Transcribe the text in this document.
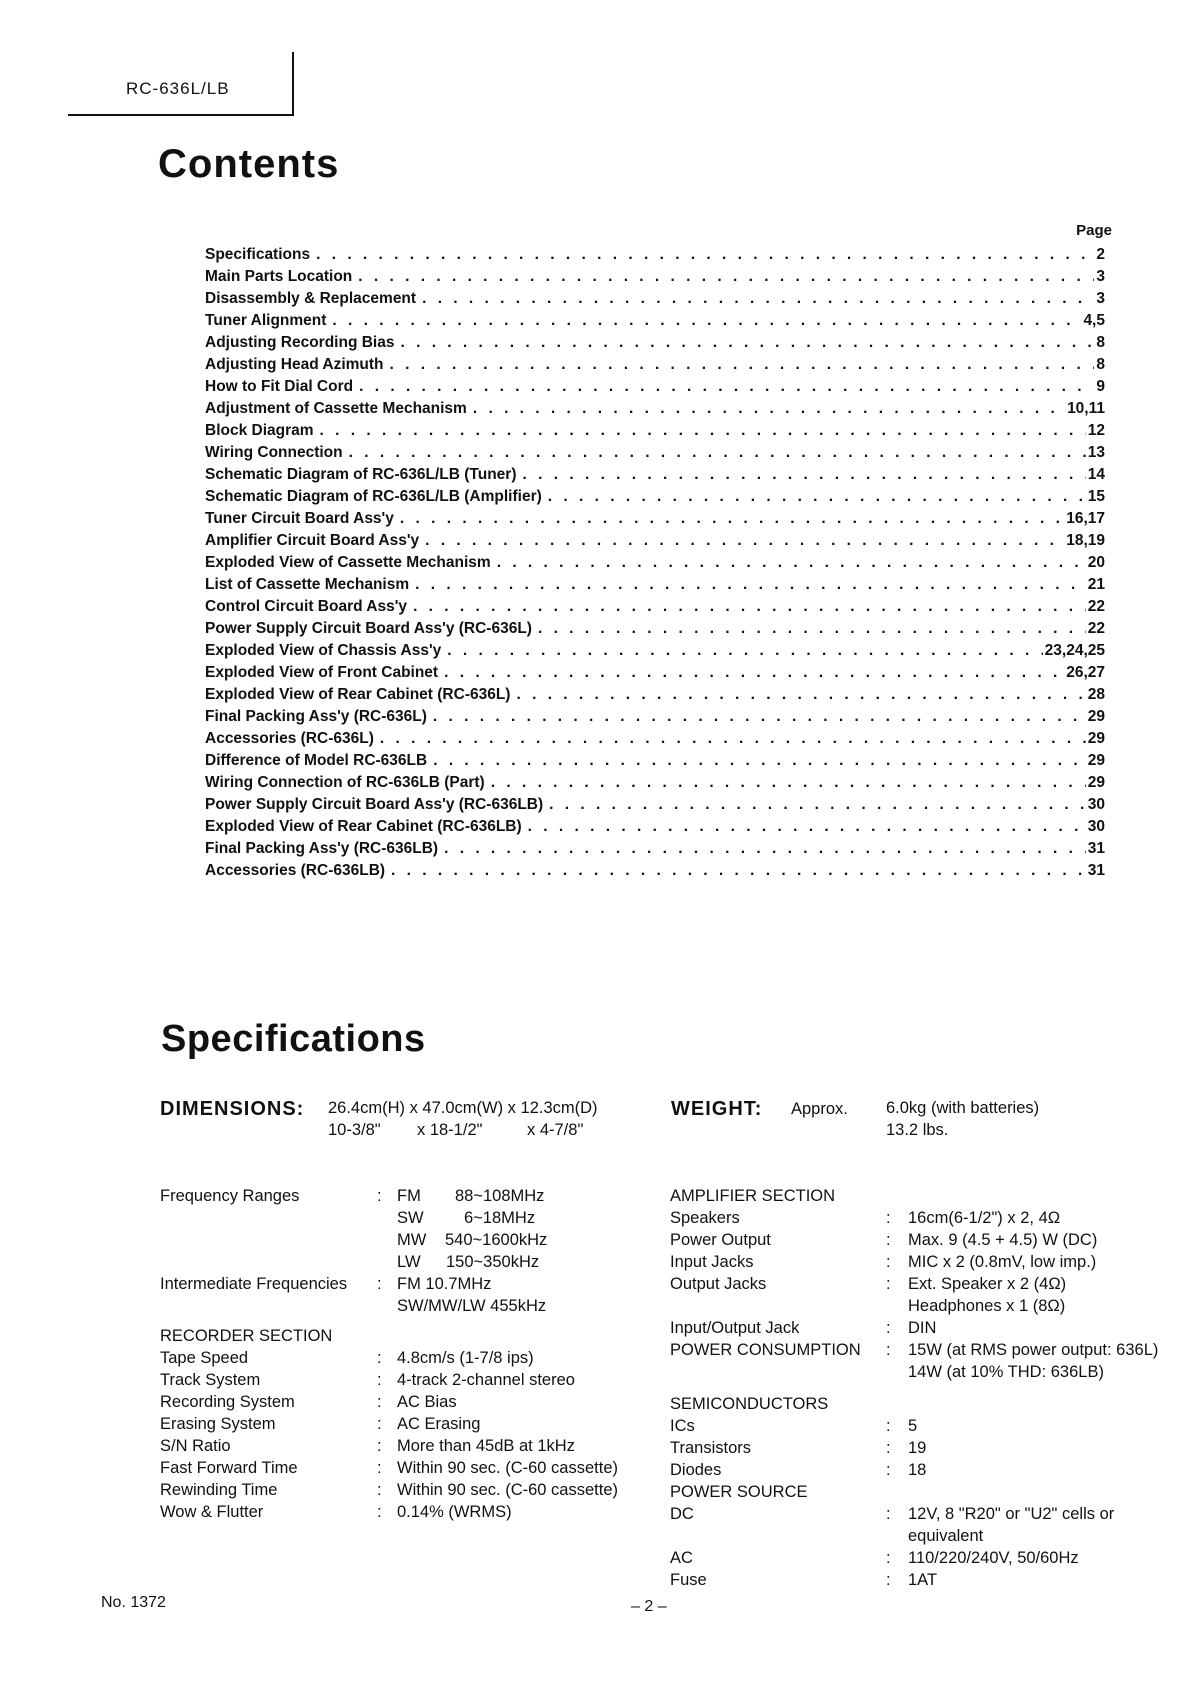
RC-636L/LB
Contents
Page
Specifications . . .	2
Main Parts Location . . .	3
Disassembly & Replacement . . .	3
Tuner Alignment . . .	4,5
Adjusting Recording Bias . . .	8
Adjusting Head Azimuth . . .	8
How to Fit Dial Cord . . .	9
Adjustment of Cassette Mechanism . . .	10,11
Block Diagram . . .	12
Wiring Connection . . .	13
Schematic Diagram of RC-636L/LB (Tuner) . . .	14
Schematic Diagram of RC-636L/LB (Amplifier) . . .	15
Tuner Circuit Board Ass'y . . .	16,17
Amplifier Circuit Board Ass'y . . .	18,19
Exploded View of Cassette Mechanism . . .	20
List of Cassette Mechanism . . .	21
Control Circuit Board Ass'y . . .	22
Power Supply Circuit Board Ass'y (RC-636L) . . .	22
Exploded View of Chassis Ass'y . . .	23,24,25
Exploded View of Front Cabinet . . .	26,27
Exploded View of Rear Cabinet (RC-636L) . . .	28
Final Packing Ass'y (RC-636L) . . .	29
Accessories (RC-636L) . . .	29
Difference of Model RC-636LB . . .	29
Wiring Connection of RC-636LB (Part) . . .	29
Power Supply Circuit Board Ass'y (RC-636LB) . . .	30
Exploded View of Rear Cabinet (RC-636LB) . . .	30
Final Packing Ass'y (RC-636LB) . . .	31
Accessories (RC-636LB) . . .	31
Specifications
DIMENSIONS: 26.4cm(H) x 47.0cm(W) x 12.3cm(D)
10-3/8" x 18-1/2"	x 4-7/8"
WEIGHT: Approx. 6.0kg (with batteries)
13.2 lbs.
Frequency Ranges	: FM 88~108MHz
SW 6~18MHz
MW 540~1600kHz
LW 150~350kHz
Intermediate Frequencies : FM 10.7MHz
SW/MW/LW 455kHz
RECORDER SECTION
Tape Speed	: 4.8cm/s (1-7/8 ips)
Track System	: 4-track 2-channel stereo
Recording System	: AC Bias
Erasing System	: AC Erasing
S/N Ratio	: More than 45dB at 1kHz
Fast Forward Time	: Within 90 sec. (C-60 cassette)
Rewinding Time	: Within 90 sec. (C-60 cassette)
Wow & Flutter	: 0.14% (WRMS)
AMPLIFIER SECTION
Speakers	: 16cm(6-1/2") x 2, 4Ω
Power Output	: Max. 9 (4.5 + 4.5) W (DC)
Input Jacks	: MIC x 2 (0.8mV, low imp.)
Output Jacks	: Ext. Speaker x 2 (4Ω)
Headphones x 1 (8Ω)
Input/Output Jack	: DIN
POWER CONSUMPTION : 15W (at RMS power output: 636L)
14W (at 10% THD: 636LB)
SEMICONDUCTORS
ICs	: 5
Transistors	: 19
Diodes	: 18
POWER SOURCE
DC	: 12V, 8 "R20" or "U2" cells or
equivalent
AC	: 110/220/240V, 50/60Hz
Fuse	: 1AT
No. 1372	– 2 –
